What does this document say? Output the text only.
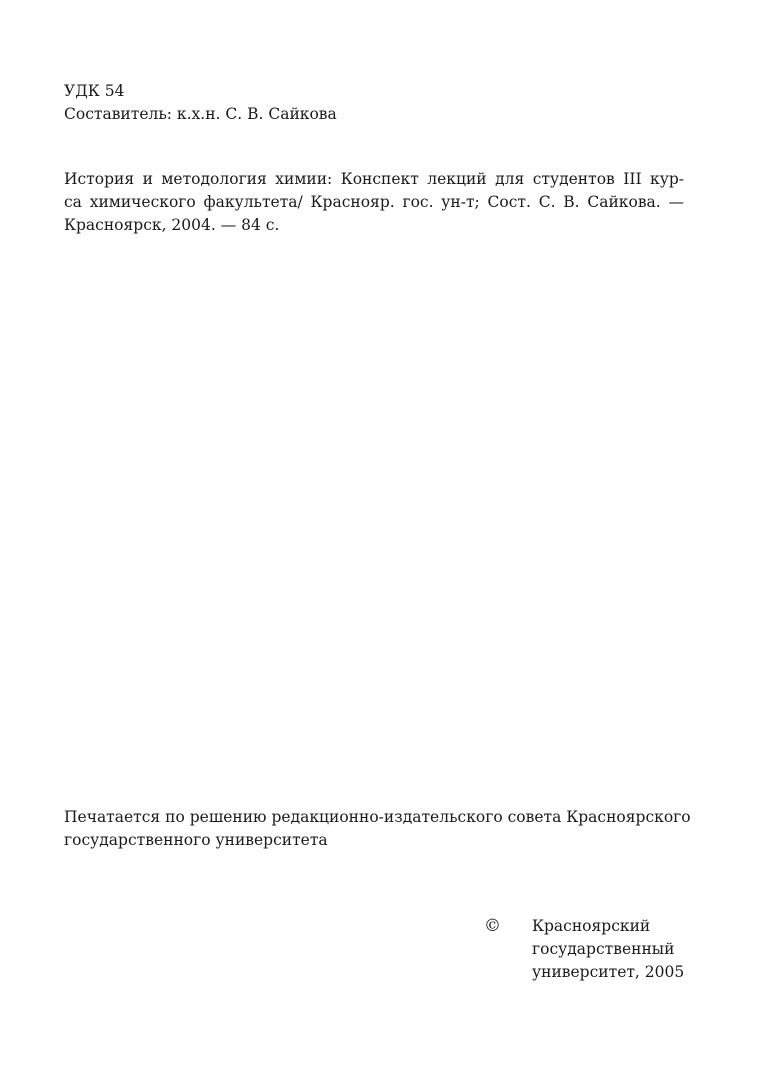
УДК 54
Составитель: к.х.н. С. В. Сайкова
История и методология химии: Конспект лекций для студентов III кур-
са химического факультета/ Краснояр. гос. ун-т; Сост. С. В. Сайкова. —
Красноярск, 2004. — 84 с.
Печатается по решению редакционно-издательского совета Красноярского
государственного университета
© Красноярский
государственный
университет, 2005
